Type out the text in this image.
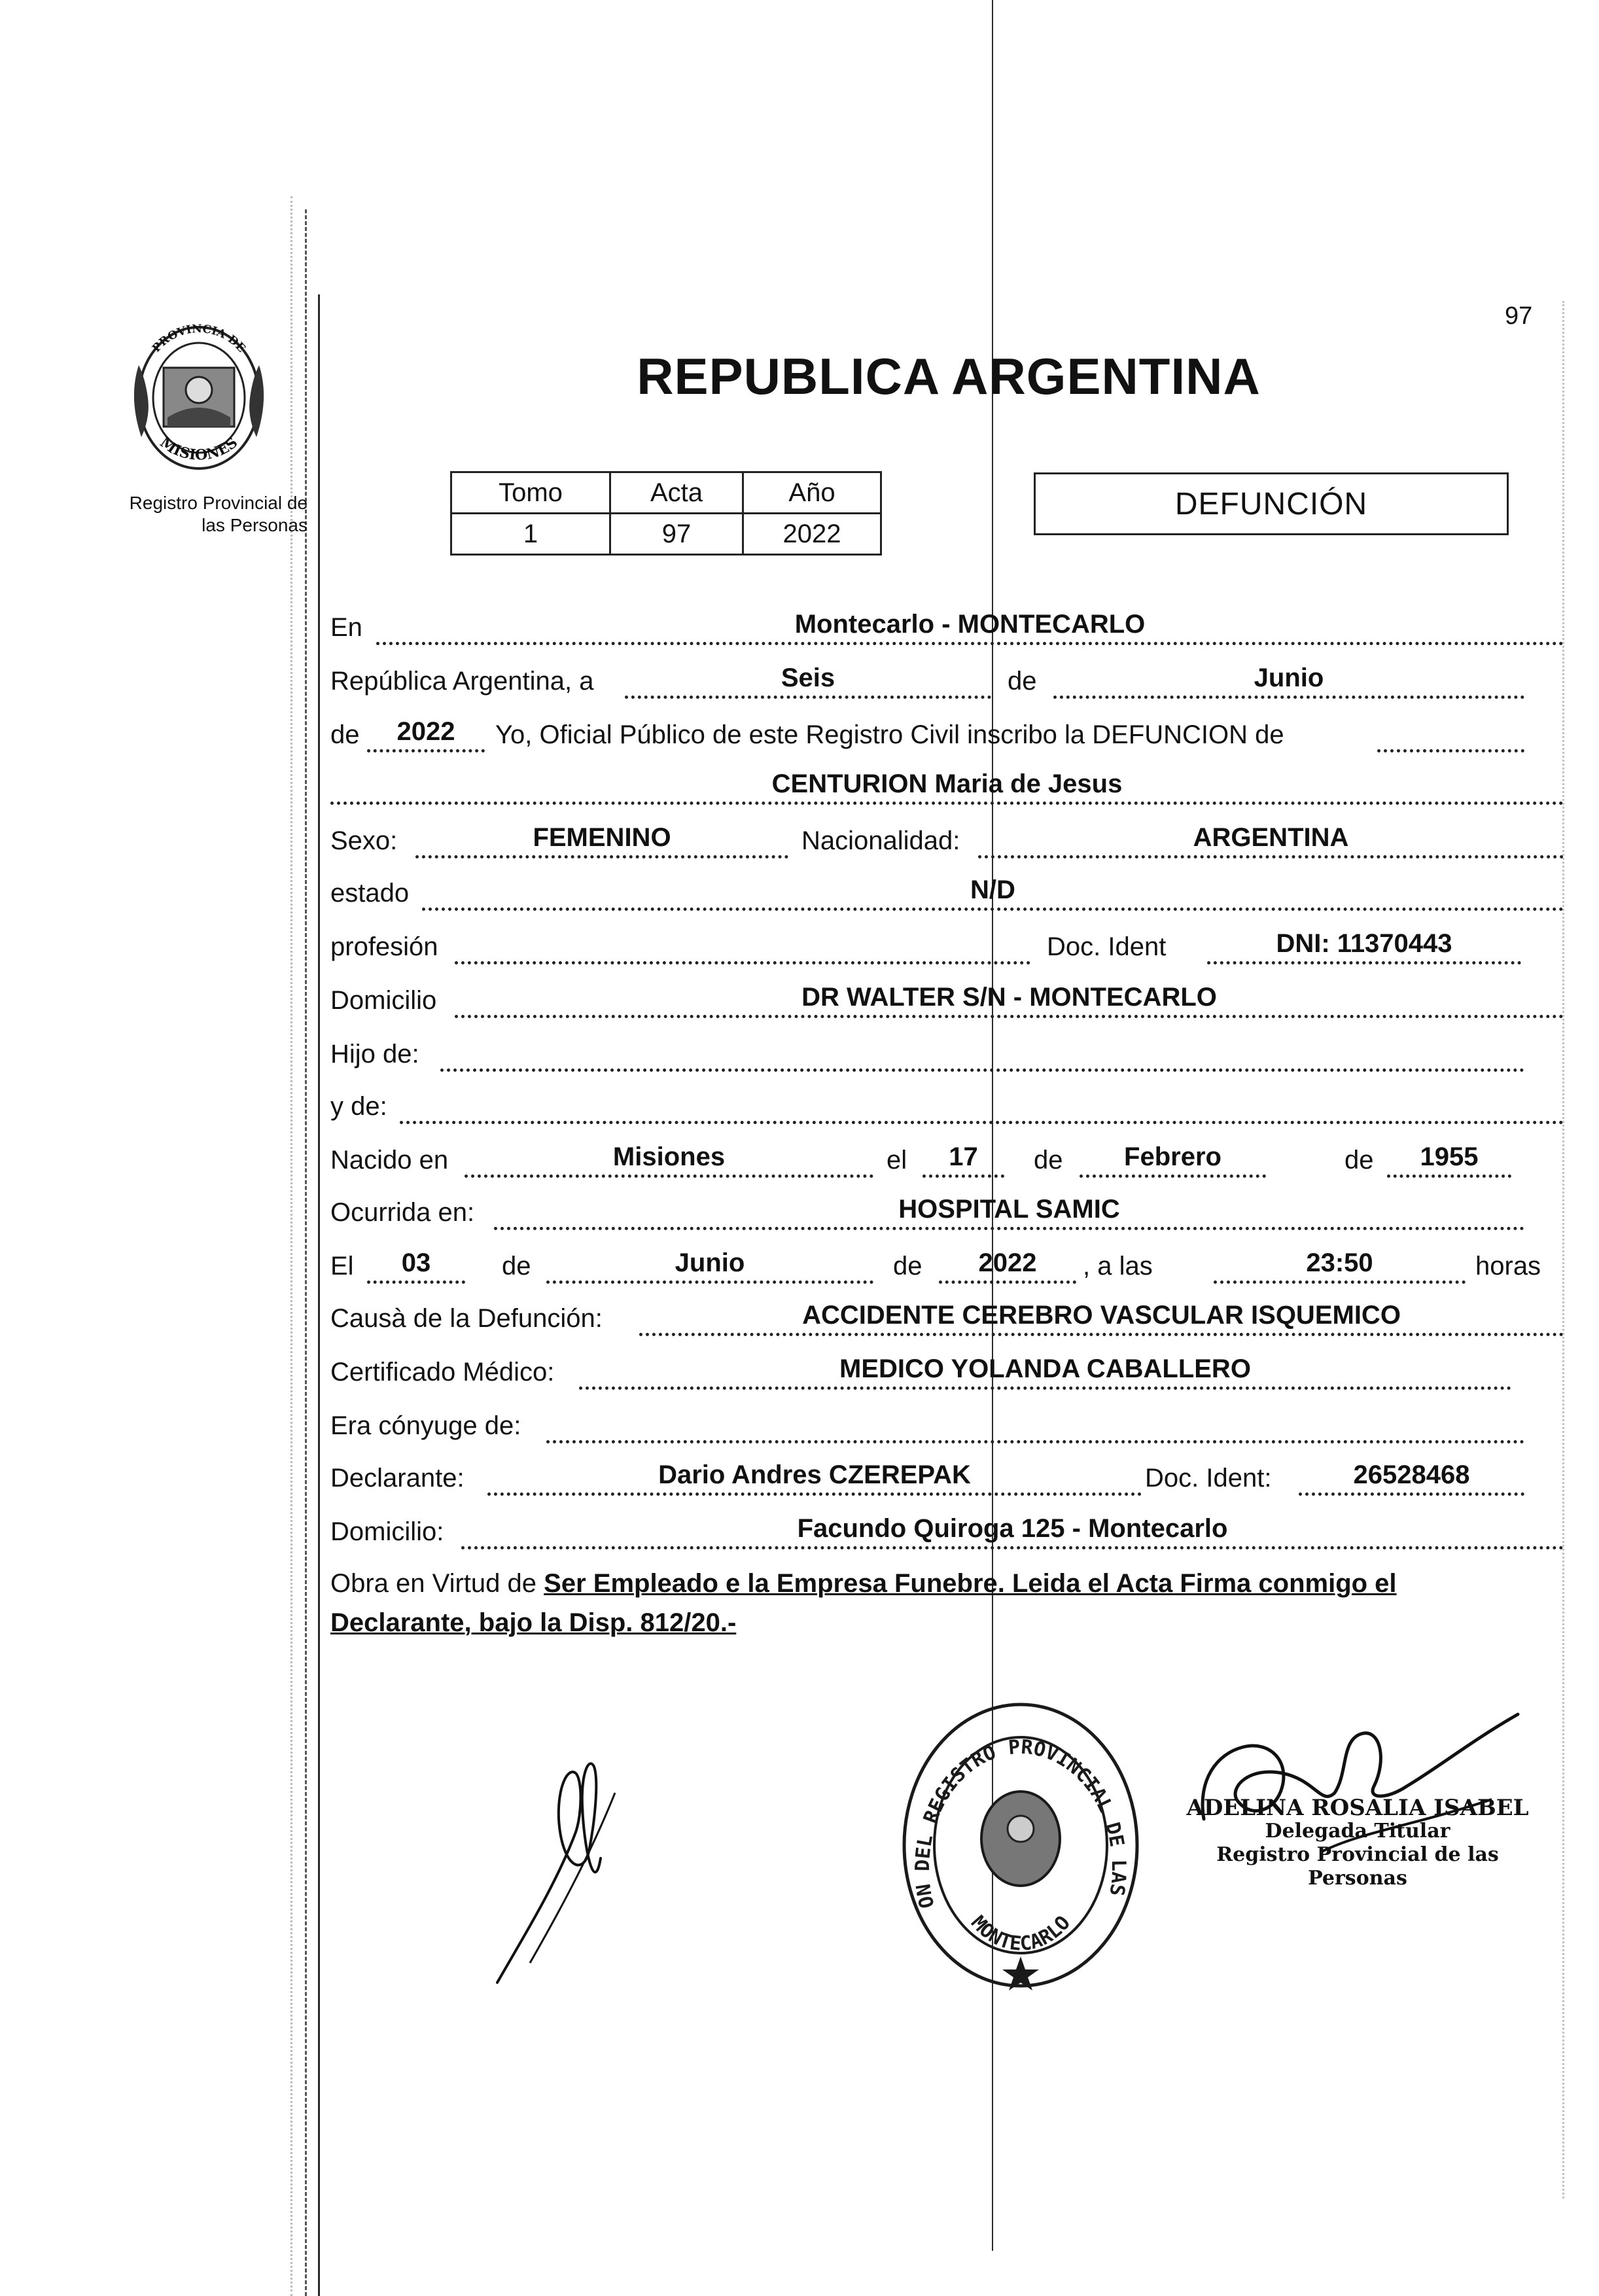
PROVINCIA DE
MISIONES
Registro Provincial de
las Personas
97
REPUBLICA ARGENTINA
Tomo	Acta	Año
1	97	2022
DEFUNCIÓN
En	Montecarlo - MONTECARLO
República Argentina, a	Seis	de	Junio
de	2022	Yo, Oficial Público de este Registro Civil inscribo la DEFUNCION de
CENTURION Maria de Jesus
Sexo:	FEMENINO	Nacionalidad:	ARGENTINA
estado	N/D
profesión	Doc. Ident	DNI: 11370443
Domicilio	DR WALTER S/N - MONTECARLO
Hijo de:
y de:
Nacido en	Misiones	el	17	de	Febrero	de	1955
Ocurrida en:	HOSPITAL SAMIC
El	03	de	Junio	de	2022	, a las	23:50	horas
Causà de la Defunción:	ACCIDENTE CEREBRO VASCULAR ISQUEMICO
Certificado Médico:	MEDICO YOLANDA CABALLERO
Era cónyuge de:
Declarante:	Dario Andres CZEREPAK	Doc. Ident:	26528468
Domicilio:	Facundo Quiroga 125 - Montecarlo
Obra en Virtud de Ser Empleado e la Empresa Funebre. Leida el Acta Firma conmigo el
Declarante, bajo la Disp. 812/20.-
ON DEL REGISTRO PROVINCIAL DE LAS
MONTECARLO
ADELINA ROSALIA ISABEL
Delegada Titular
Registro Provincial de las Personas
